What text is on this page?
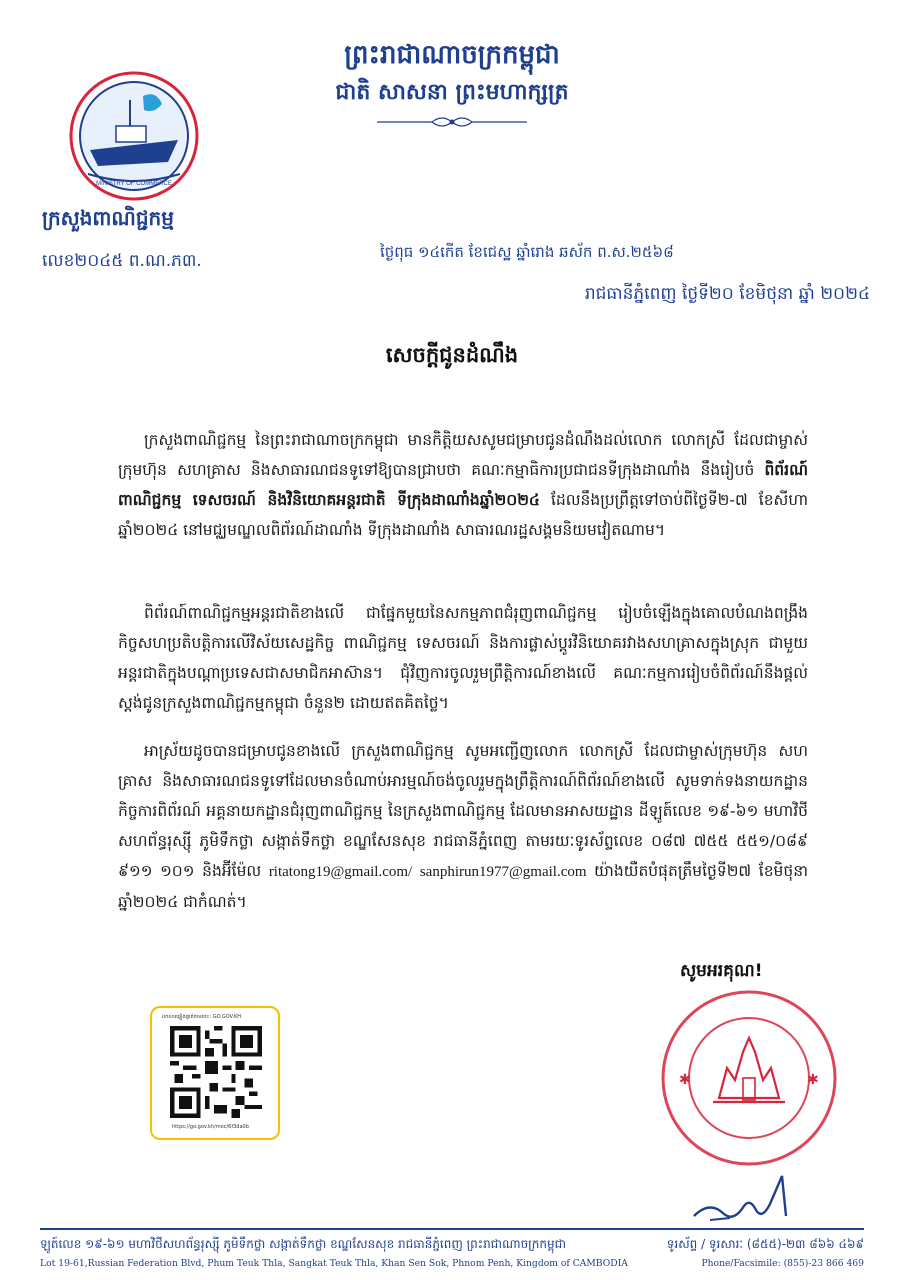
ព្រះរាជាណាចក្រកម្ពុជា
ជាតិ សាសនា ព្រះមហាក្សត្រ
MINISTRY OF COMMERCE
ក្រសួងពាណិជ្ជកម្ម
លេខ២០៤៥ ព.ណ.ភ៣.	ថ្ងៃពុធ ១៤កើត ខែជេស្ឋ ឆ្នាំរោង ឆស័ក ព.ស.២៥៦៨
រាជធានីភ្នំពេញ ថ្ងៃទី២០ ខែមិថុនា ឆ្នាំ ២០២៤
សេចក្តីជូនដំណឹង
ក្រសួងពាណិជ្ជកម្ម នៃព្រះរាជាណាចក្រកម្ពុជា មានកិត្តិយសសូមជម្រាបជូនដំណឹងដល់លោក លោកស្រី ដែលជាម្ចាស់ក្រុមហ៊ុន សហគ្រាស និងសាធារណជនទូទៅឱ្យបានជ្រាបថា គណៈកម្មាធិការប្រជាជនទីក្រុងដាណាំង នឹងរៀបចំ ពិព័រណ៍ពាណិជ្ជកម្ម ទេសចរណ៍ និងវិនិយោគអន្តរជាតិ ទីក្រុងដាណាំងឆ្នាំ២០២៤ ដែលនឹងប្រព្រឹត្តទៅចាប់ពីថ្ងៃទី២-៧ ខែសីហា ឆ្នាំ២០២៤ នៅមជ្ឈមណ្ឌលពិព័រណ៍ដាណាំង ទីក្រុងដាណាំង សាធារណរដ្ឋសង្គមនិយមវៀតណាម។
ពិព័រណ៍ពាណិជ្ជកម្មអន្តរជាតិខាងលើ ជាផ្នែកមួយនៃសកម្មភាពជំរុញពាណិជ្ជកម្ម រៀបចំឡើងក្នុងគោលបំណងពង្រឹងកិច្ចសហប្រតិបត្តិការលើវិស័យសេដ្ឋកិច្ច ពាណិជ្ជកម្ម ទេសចរណ៍ និងការផ្លាស់ប្តូរវិនិយោគរវាងសហគ្រាសក្នុងស្រុក ជាមួយអន្តរជាតិក្នុងបណ្តាប្រទេសជាសមាជិកអាស៊ាន។ ជុំវិញការចូលរួមព្រឹត្តិការណ៍ខាងលើ គណៈកម្មការរៀបចំពិព័រណ៍នឹងផ្តល់ស្តង់ជូនក្រសួងពាណិជ្ជកម្មកម្ពុជា ចំនួន២ ដោយឥតគិតថ្លៃ។
អាស្រ័យដូចបានជម្រាបជូនខាងលើ ក្រសួងពាណិជ្ជកម្ម សូមអញ្ជើញលោក លោកស្រី ដែលជាម្ចាស់ក្រុមហ៊ុន សហគ្រាស និងសាធារណជនទូទៅដែលមានចំណាប់អារម្មណ៍ចង់ចូលរួមក្នុងព្រឹត្តិការណ៍ពិព័រណ៍ខាងលើ សូមទាក់ទងនាយកដ្ឋានកិច្ចការពិព័រណ៍ អគ្គនាយកដ្ឋានជំរុញពាណិជ្ជកម្ម នៃក្រសួងពាណិជ្ជកម្ម ដែលមានអាសយដ្ឋាន ដីឡូត៍លេខ ១៩-៦១ មហាវិថីសហព័ន្ធរុស្ស៊ី ភូមិទឹកថ្លា សង្កាត់ទឹកថ្លា ខណ្ឌសែនសុខ រាជធានីភ្នំពេញ តាមរយៈទូរស័ព្ទលេខ ០៨៧ ៧៥៥ ៥៥១/០៨៩ ៩១១ ១០១ និងអ៊ីម៉ែល ritatong19@gmail.com/ sanphirun1977@gmail.com យ៉ាងយឺតបំផុតត្រឹមថ្ងៃទី២៧ ខែមិថុនា ឆ្នាំ២០២៤ ជាកំណត់។
សូមអរគុណ!
ឯកសារផ្ទៀងផ្ទាត់តាមរយៈ: GO.GOV.KH
https://go.gov.kh/moc/6f3da0b
✱	✱
ឡូត៍លេខ ១៩-៦១ មហាវិថីសហព័ន្ធរុស្ស៊ី ភូមិទឹកថ្លា សង្កាត់ទឹកថ្លា ខណ្ឌសែនសុខ រាជធានីភ្នំពេញ ព្រះរាជាណាចក្រកម្ពុជា	ទូរស័ព្ទ / ទូរសារៈ (៨៥៥)-២៣ ៨៦៦ ៤៦៩
Lot 19-61,Russian Federation Blvd, Phum Teuk Thla, Sangkat Teuk Thla, Khan Sen Sok, Phnom Penh, Kingdom of CAMBODIA	Phone/Facsimile: (855)-23 866 469
